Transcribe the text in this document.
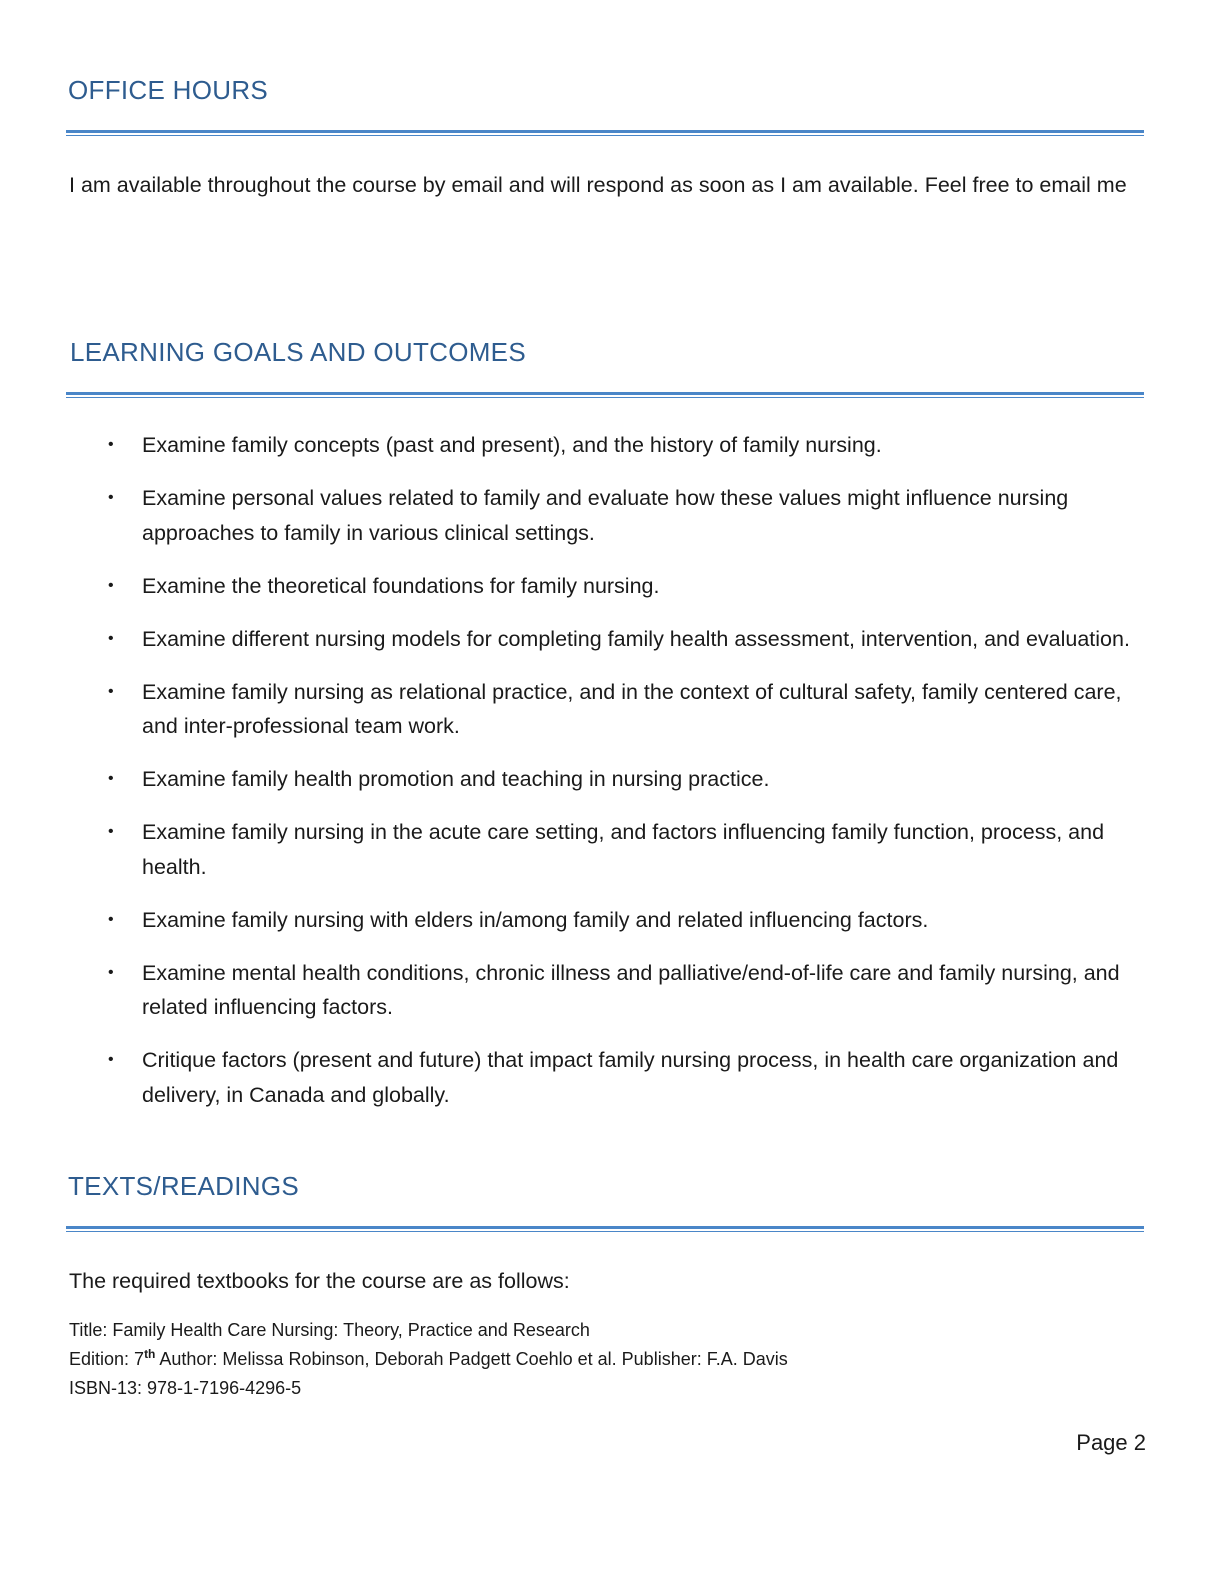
OFFICE HOURS

I am available throughout the course by email and will respond as soon as I am available. Feel free to email me

LEARNING GOALS AND OUTCOMES
• Examine family concepts (past and present), and the history of family nursing.
• Examine personal values related to family and evaluate how these values might influence nursing approaches to family in various clinical settings.
• Examine the theoretical foundations for family nursing.
• Examine different nursing models for completing family health assessment, intervention, and evaluation.
• Examine family nursing as relational practice, and in the context of cultural safety, family centered care, and inter-professional team work.
• Examine family health promotion and teaching in nursing practice.
• Examine family nursing in the acute care setting, and factors influencing family function, process, and health.
• Examine family nursing with elders in/among family and related influencing factors.
• Examine mental health conditions, chronic illness and palliative/end-of-life care and family nursing, and related influencing factors.
• Critique factors (present and future) that impact family nursing process, in health care organization and delivery, in Canada and globally.
TEXTS/READINGS

The required textbooks for the course are as follows:

Title: Family Health Care Nursing: Theory, Practice and Research
Edition: 7th Author: Melissa Robinson, Deborah Padgett Coehlo et al. Publisher: F.A. Davis
ISBN-13: 978-1-7196-4296-5
Page 2
